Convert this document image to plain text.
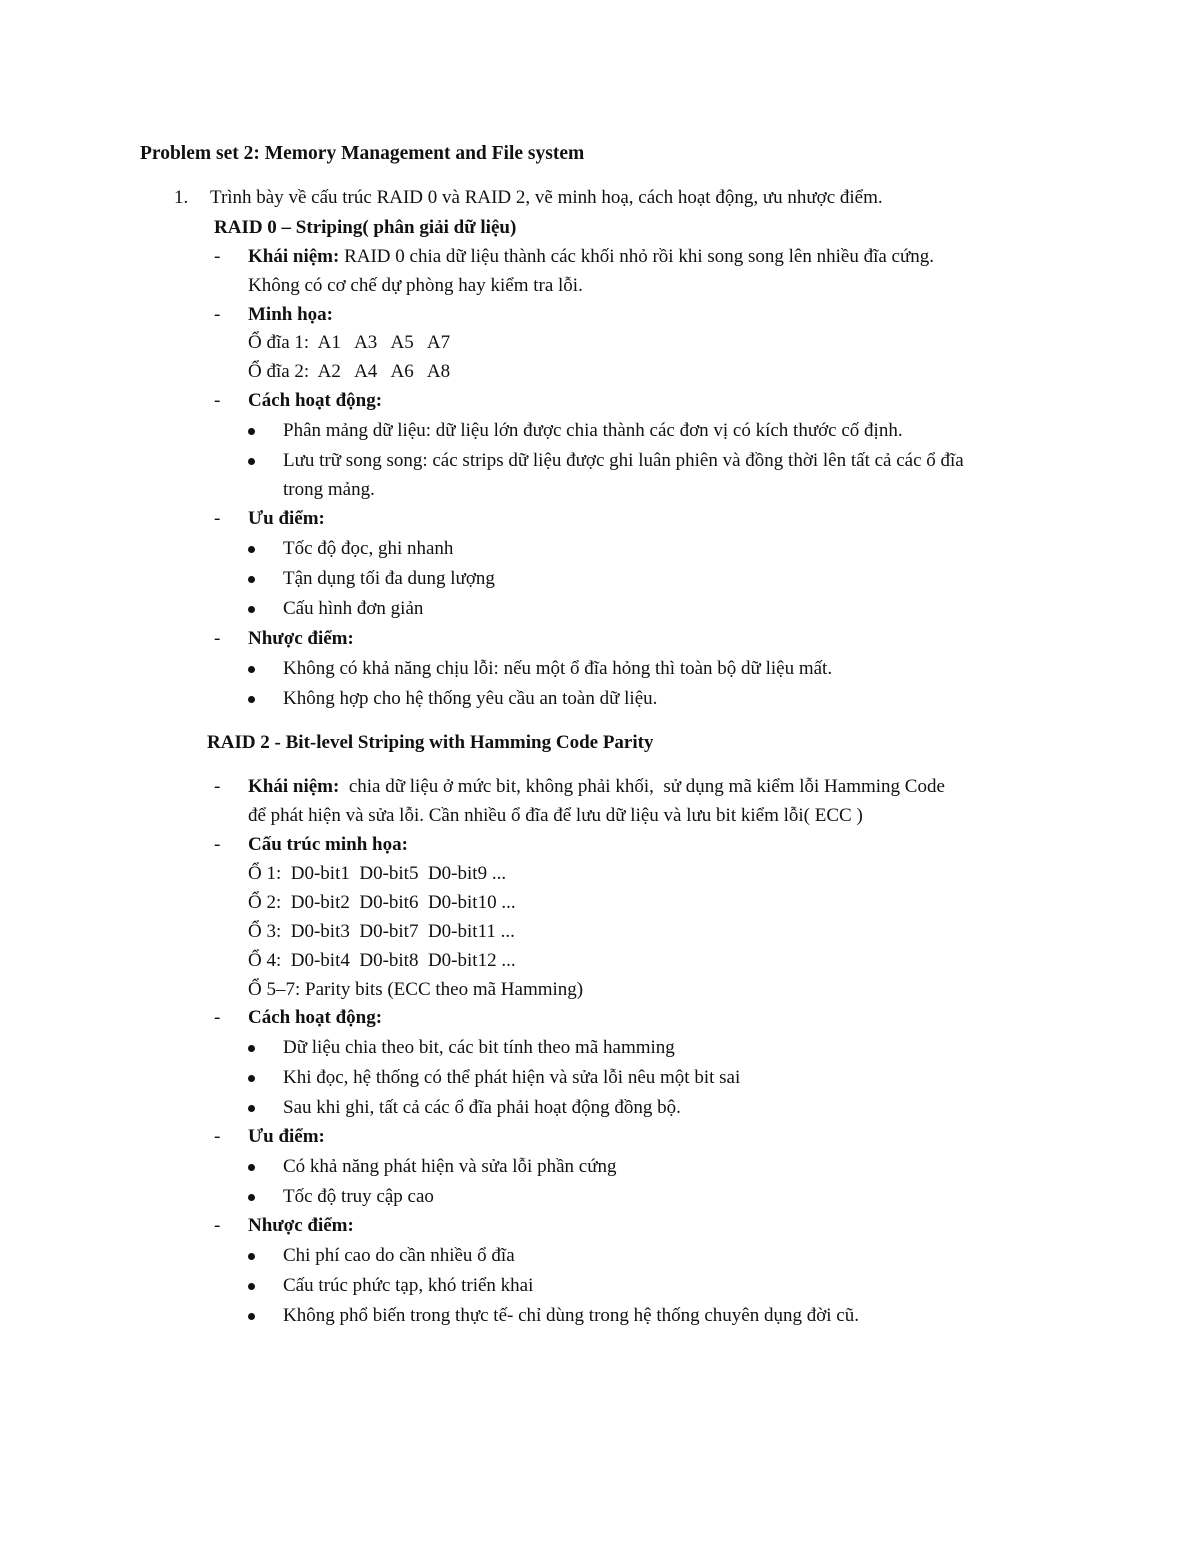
Problem set 2: Memory Management and File system
1. Trình bày về cấu trúc RAID 0 và RAID 2, vẽ minh hoạ, cách hoạt động, ưu nhược điểm.
RAID 0 – Striping( phân giải dữ liệu)
- Khái niệm: RAID 0 chia dữ liệu thành các khối nhỏ rồi khi song song lên nhiều đĩa cứng.
Không có cơ chế dự phòng hay kiểm tra lỗi.
- Minh họa:
Ổ đĩa 1:  A1   A3   A5   A7
Ổ đĩa 2:  A2   A4   A6   A8
- Cách hoạt động:
Phân mảng dữ liệu: dữ liệu lớn được chia thành các đơn vị có kích thước cố định.
Lưu trữ song song: các strips dữ liệu được ghi luân phiên và đồng thời lên tất cả các ổ đĩa
trong mảng.
- Ưu điểm:
Tốc độ đọc, ghi nhanh
Tận dụng tối đa dung lượng
Cấu hình đơn giản
- Nhược điểm:
Không có khả năng chịu lỗi: nếu một ổ đĩa hỏng thì toàn bộ dữ liệu mất.
Không hợp cho hệ thống yêu cầu an toàn dữ liệu.
RAID 2 - Bit-level Striping with Hamming Code Parity
- Khái niệm:  chia dữ liệu ở mức bit, không phải khối,  sử dụng mã kiểm lỗi Hamming Code
để phát hiện và sửa lỗi. Cần nhiều ổ đĩa để lưu dữ liệu và lưu bit kiểm lỗi( ECC )
- Cấu trúc minh họa:
Ổ 1:  D0-bit1  D0-bit5  D0-bit9 ...
Ổ 2:  D0-bit2  D0-bit6  D0-bit10 ...
Ổ 3:  D0-bit3  D0-bit7  D0-bit11 ...
Ổ 4:  D0-bit4  D0-bit8  D0-bit12 ...
Ổ 5–7: Parity bits (ECC theo mã Hamming)
- Cách hoạt động:
Dữ liệu chia theo bit, các bit tính theo mã hamming
Khi đọc, hệ thống có thể phát hiện và sửa lỗi nêu một bit sai
Sau khi ghi, tất cả các ổ đĩa phải hoạt động đồng bộ.
- Ưu điểm:
Có khả năng phát hiện và sửa lỗi phần cứng
Tốc độ truy cập cao
- Nhược điểm:
Chi phí cao do cần nhiều ổ đĩa
Cấu trúc phức tạp, khó triển khai
Không phổ biến trong thực tế- chỉ dùng trong hệ thống chuyên dụng đời cũ.
